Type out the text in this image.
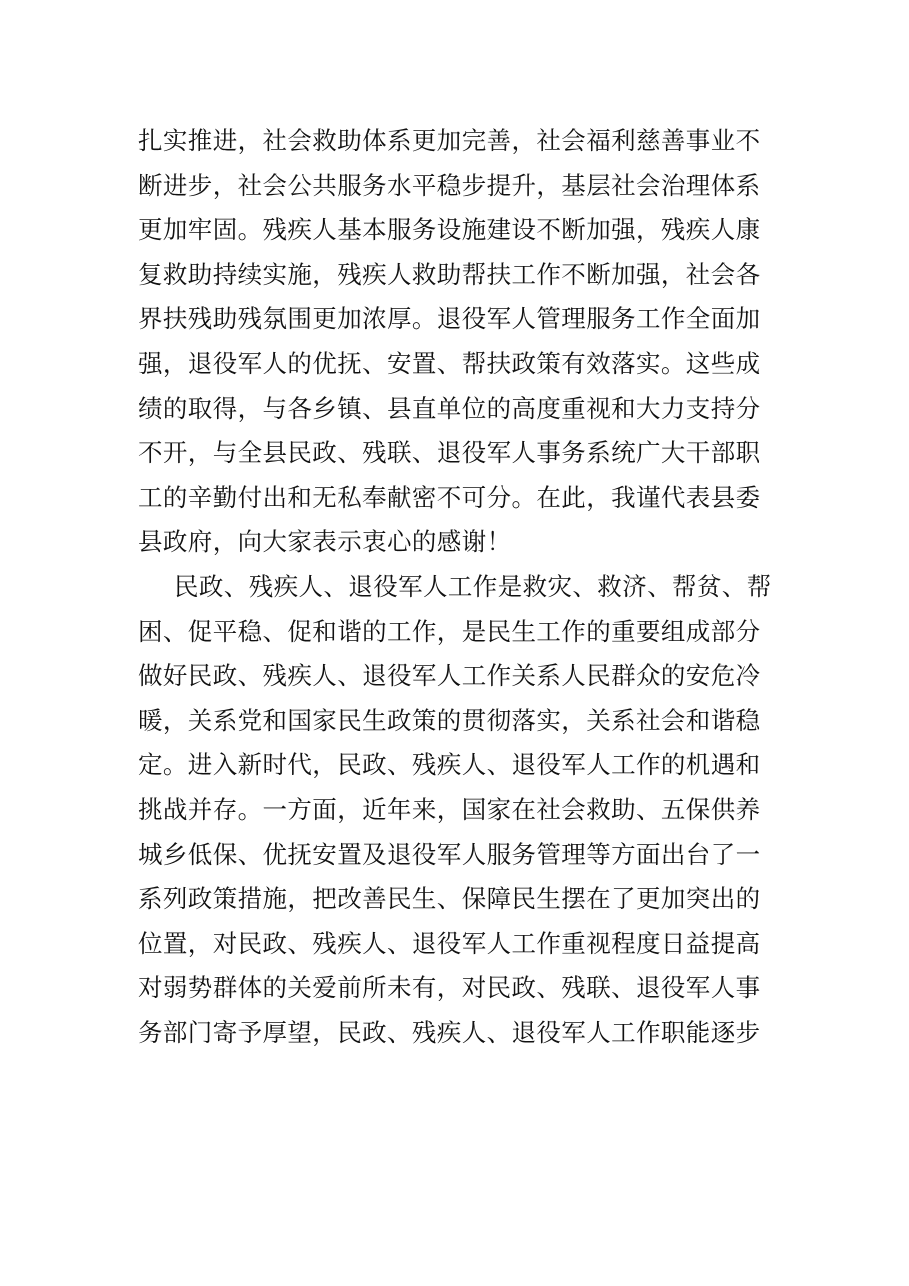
扎实推进，社会救助体系更加完善，社会福利慈善事业不
断进步，社会公共服务水平稳步提升，基层社会治理体系
更加牢固。残疾人基本服务设施建设不断加强，残疾人康
复救助持续实施，残疾人救助帮扶工作不断加强，社会各
界扶残助残氛围更加浓厚。退役军人管理服务工作全面加
强，退役军人的优抚、安置、帮扶政策有效落实。这些成
绩的取得，与各乡镇、县直单位的高度重视和大力支持分
不开，与全县民政、残联、退役军人事务系统广大干部职
工的辛勤付出和无私奉献密不可分。在此，我谨代表县委
县政府，向大家表示衷心的感谢！
民政、残疾人、退役军人工作是救灾、救济、帮贫、帮
困、促平稳、促和谐的工作，是民生工作的重要组成部分
做好民政、残疾人、退役军人工作关系人民群众的安危冷
暖，关系党和国家民生政策的贯彻落实，关系社会和谐稳
定。进入新时代，民政、残疾人、退役军人工作的机遇和
挑战并存。一方面，近年来，国家在社会救助、五保供养
城乡低保、优抚安置及退役军人服务管理等方面出台了一
系列政策措施，把改善民生、保障民生摆在了更加突出的
位置，对民政、残疾人、退役军人工作重视程度日益提高
对弱势群体的关爱前所未有，对民政、残联、退役军人事
务部门寄予厚望，民政、残疾人、退役军人工作职能逐步
